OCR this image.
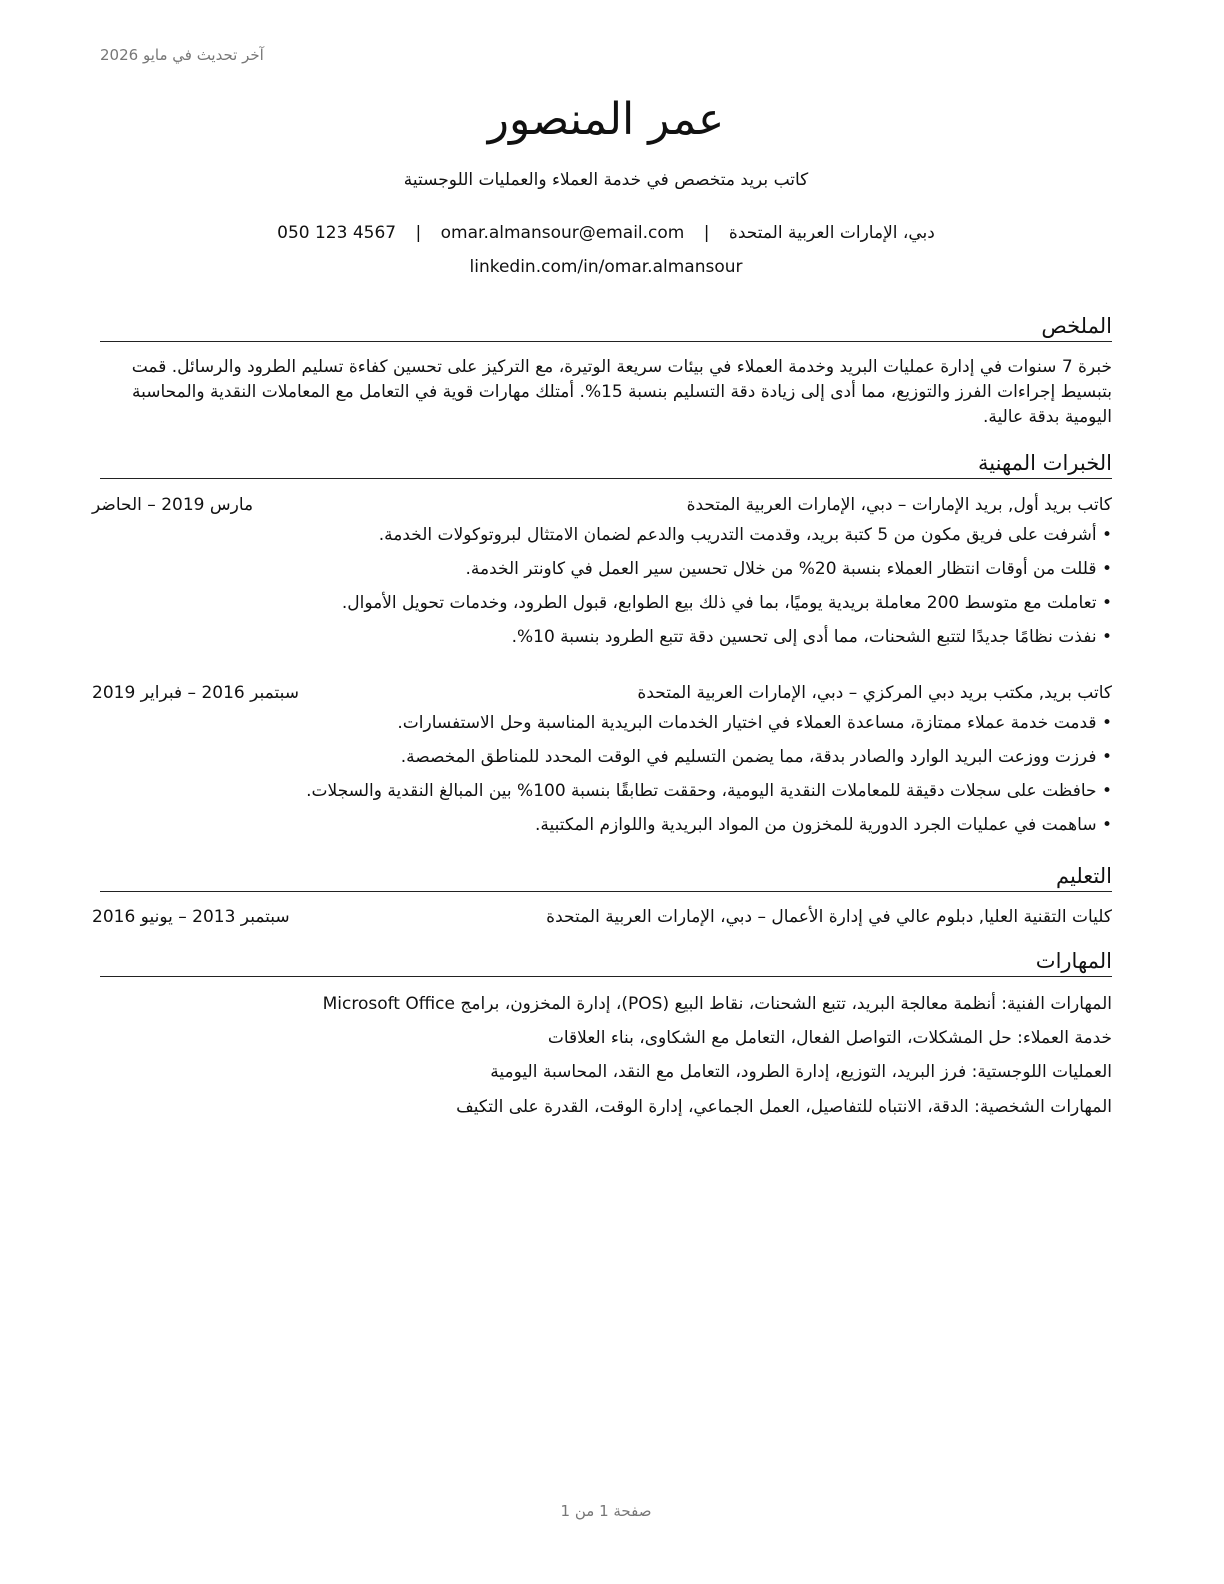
آخر تحديث في مايو 2026
عمر المنصور
كاتب بريد متخصص في خدمة العملاء والعمليات اللوجستية
دبي، الإمارات العربية المتحدة | omar.almansour@email.com | 050 123 4567
linkedin.com/in/omar.almansour
الملخص
خبرة 7 سنوات في إدارة عمليات البريد وخدمة العملاء في بيئات سريعة الوتيرة، مع التركيز على تحسين كفاءة تسليم الطرود والرسائل. قمت بتبسيط إجراءات الفرز والتوزيع، مما أدى إلى زيادة دقة التسليم بنسبة 15%. أمتلك مهارات قوية في التعامل مع المعاملات النقدية والمحاسبة اليومية بدقة عالية.
الخبرات المهنية
كاتب بريد أول, بريد الإمارات – دبي، الإمارات العربية المتحدة
مارس 2019 – الحاضر
• أشرفت على فريق مكون من 5 كتبة بريد، وقدمت التدريب والدعم لضمان الامتثال لبروتوكولات الخدمة.
• قللت من أوقات انتظار العملاء بنسبة 20% من خلال تحسين سير العمل في كاونتر الخدمة.
• تعاملت مع متوسط 200 معاملة بريدية يوميًا، بما في ذلك بيع الطوابع، قبول الطرود، وخدمات تحويل الأموال.
• نفذت نظامًا جديدًا لتتبع الشحنات، مما أدى إلى تحسين دقة تتبع الطرود بنسبة 10%.
كاتب بريد, مكتب بريد دبي المركزي – دبي، الإمارات العربية المتحدة
سبتمبر 2016 – فبراير 2019
• قدمت خدمة عملاء ممتازة، مساعدة العملاء في اختيار الخدمات البريدية المناسبة وحل الاستفسارات.
• فرزت ووزعت البريد الوارد والصادر بدقة، مما يضمن التسليم في الوقت المحدد للمناطق المخصصة.
• حافظت على سجلات دقيقة للمعاملات النقدية اليومية، وحققت تطابقًا بنسبة 100% بين المبالغ النقدية والسجلات.
• ساهمت في عمليات الجرد الدورية للمخزون من المواد البريدية واللوازم المكتبية.
التعليم
كليات التقنية العليا, دبلوم عالي في إدارة الأعمال – دبي، الإمارات العربية المتحدة
سبتمبر 2013 – يونيو 2016
المهارات
المهارات الفنية: أنظمة معالجة البريد، تتبع الشحنات، نقاط البيع (POS)، إدارة المخزون، برامج Microsoft Office
خدمة العملاء: حل المشكلات، التواصل الفعال، التعامل مع الشكاوى، بناء العلاقات
العمليات اللوجستية: فرز البريد، التوزيع، إدارة الطرود، التعامل مع النقد، المحاسبة اليومية
المهارات الشخصية: الدقة، الانتباه للتفاصيل، العمل الجماعي، إدارة الوقت، القدرة على التكيف
صفحة 1 من 1
